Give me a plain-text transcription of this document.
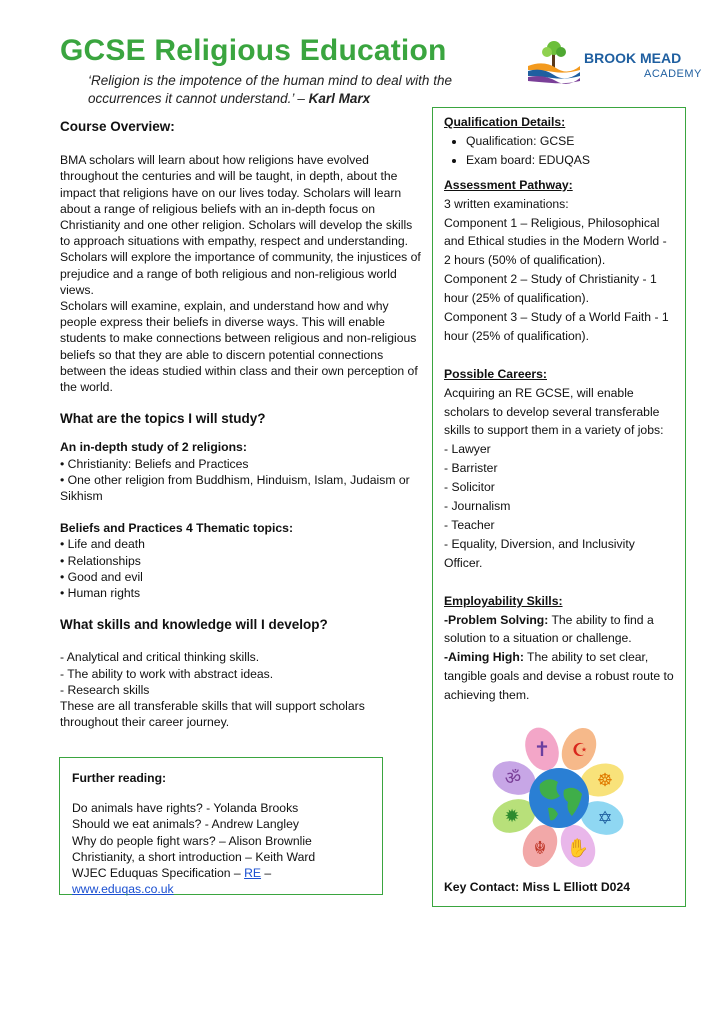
GCSE Religious Education
‘Religion is the impotence of the human mind to deal with the occurrences it cannot understand.’ – Karl Marx
BROOK MEAD
ACADEMY
Course Overview:

BMA scholars will learn about how religions have evolved throughout the centuries and will be taught, in depth, about the impact that religions have on our lives today. Scholars will learn about a range of religious beliefs with an in-depth focus on Christianity and one other religion. Scholars will develop the skills to approach situations with empathy, respect and understanding. Scholars will explore the importance of community, the injustices of prejudice and a range of both religious and non-religious world views.

Scholars will examine, explain, and understand how and why people express their beliefs in diverse ways. This will enable students to make connections between religious and non-religious beliefs so that they are able to discern potential connections between the ideas studied within class and their own perception of the world.

What are the topics I will study?

An in-depth study of 2 religions:

• Christianity: Beliefs and Practices
• One other religion from Buddhism, Hinduism, Islam, Judaism or Sikhism

Beliefs and Practices 4 Thematic topics:

• Life and death
• Relationships
• Good and evil
• Human rights
What skills and knowledge will I develop?
- Analytical and critical thinking skills.
- The ability to work with abstract ideas.
- Research skills

These are all transferable skills that will support scholars throughout their career journey.

Further reading:
Do animals have rights? - Yolanda Brooks
Should we eat animals? - Andrew Langley
Why do people fight wars? – Alison Brownlie
Christianity, a short introduction – Keith Ward
WJEC Eduquas Specification – RE – www.eduqas.co.uk
Qualification Details:
• Qualification: GCSE
• Exam board: EDUQAS
Assessment Pathway:
3 written examinations:
Component 1 – Religious, Philosophical and Ethical studies in the Modern World - 2 hours (50% of qualification).
Component 2 – Study of Christianity - 1 hour (25% of qualification).
Component 3 – Study of a World Faith - 1 hour (25% of qualification).
Possible Careers:
Acquiring an RE GCSE, will enable scholars to develop several transferable skills to support them in a variety of jobs:
- Lawyer
- Barrister
- Solicitor
- Journalism
- Teacher
- Equality, Diversion, and Inclusivity Officer.
Employability Skills:
-Problem Solving: The ability to find a solution to a situation or challenge.
-Aiming High: The ability to set clear, tangible goals and devise a robust route to achieving them.
✝ ☪
☸
✡
✋
☬
✹
ॐ
Key Contact: Miss L Elliott D024
